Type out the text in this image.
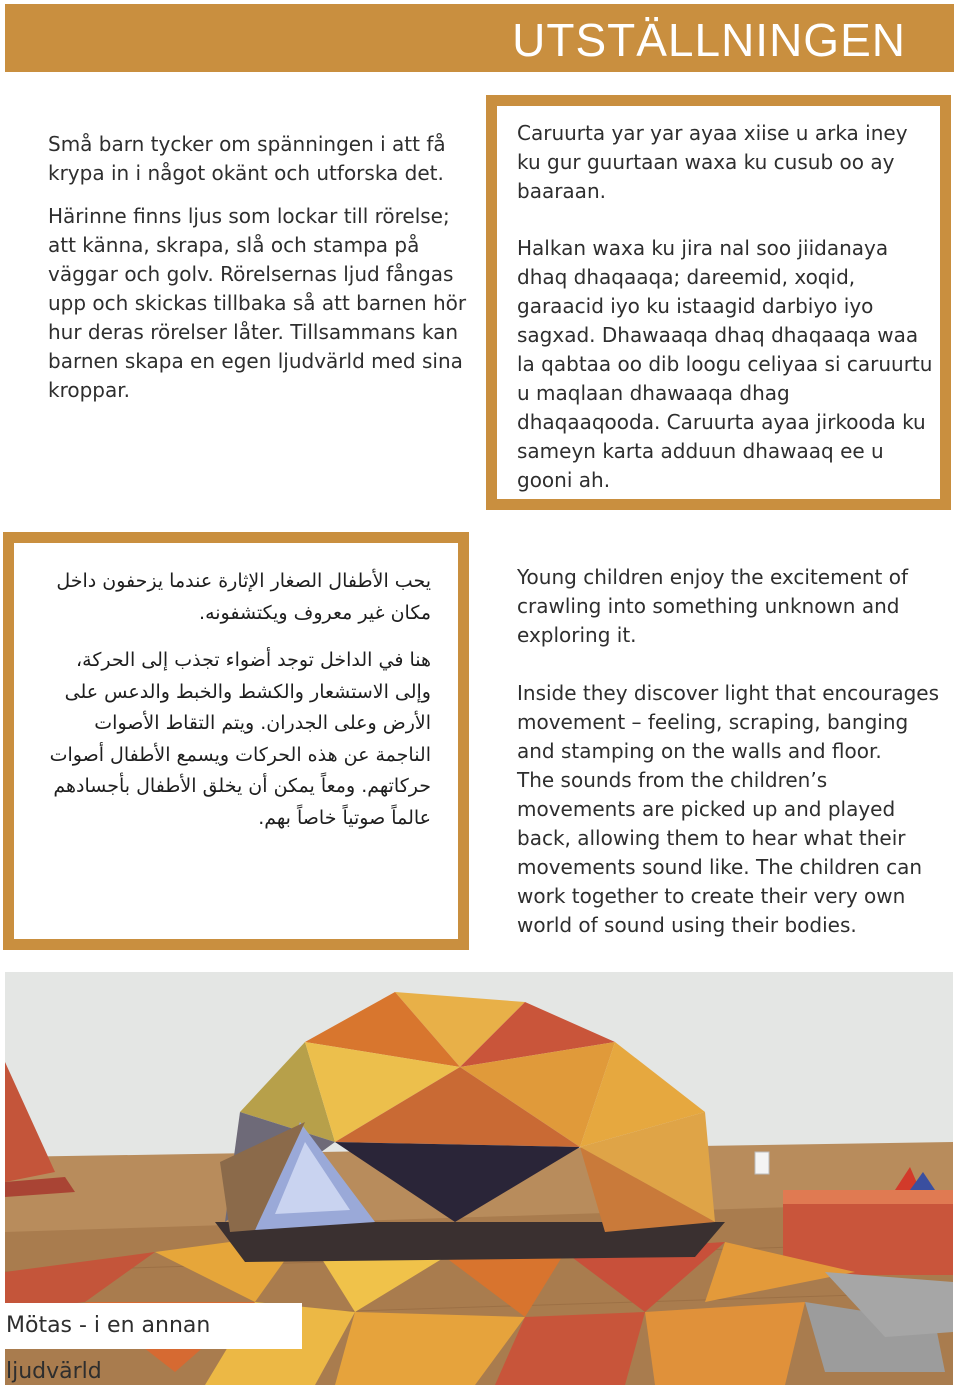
UTSTÄLLNINGEN

Små barn tycker om spänningen i att få krypa in i något okänt och utforska det.

Härinne finns ljus som lockar till rörelse; att känna, skrapa, slå och stampa på väggar och golv. Rörelsernas ljud fångas upp och skickas tillbaka så att barnen hör hur deras rörelser låter. Tillsammans kan barnen skapa en egen ljudvärld med sina kroppar.

Caruurta yar yar ayaa xiise u arka iney ku gur guurtaan waxa ku cusub oo ay baaraan.

Halkan waxa ku jira nal soo jiidanaya dhaq dhaqaaqa; dareemid, xoqid, garaacid iyo ku istaagid darbiyo iyo sagxad. Dhawaaqa dhaq dhaqaaqa waa la qabtaa oo dib loogu celiyaa si caruurtu u maqlaan dhawaaqa dhag dhaqaaqooda. Caruurta ayaa jirkooda ku sameyn karta adduun dhawaaq ee u gooni ah.

يحب الأطفال الصغار الإثارة عندما يزحفون داخل مكان غير معروف ويكتشفونه.

هنا في الداخل توجد أضواء تجذب إلى الحركة، وإلى الاستشعار والكشط والخبط والدعس على الأرض وعلى الجدران. ويتم التقاط الأصوات الناجمة عن هذه الحركات ويسمع الأطفال أصوات حركاتهم. ومعاً يمكن أن يخلق الأطفال بأجسادهم عالماً صوتياً خاصاً بهم.

Young children enjoy the excitement of crawling into something unknown and exploring it.

Inside they discover light that encourages movement – feeling, scraping, banging and stamping on the walls and floor.

The sounds from the children’s movements are picked up and played back, allowing them to hear what their movements sound like. The children can work together to create their very own world of sound using their bodies.

Mötas - i en annan ljudvärld
